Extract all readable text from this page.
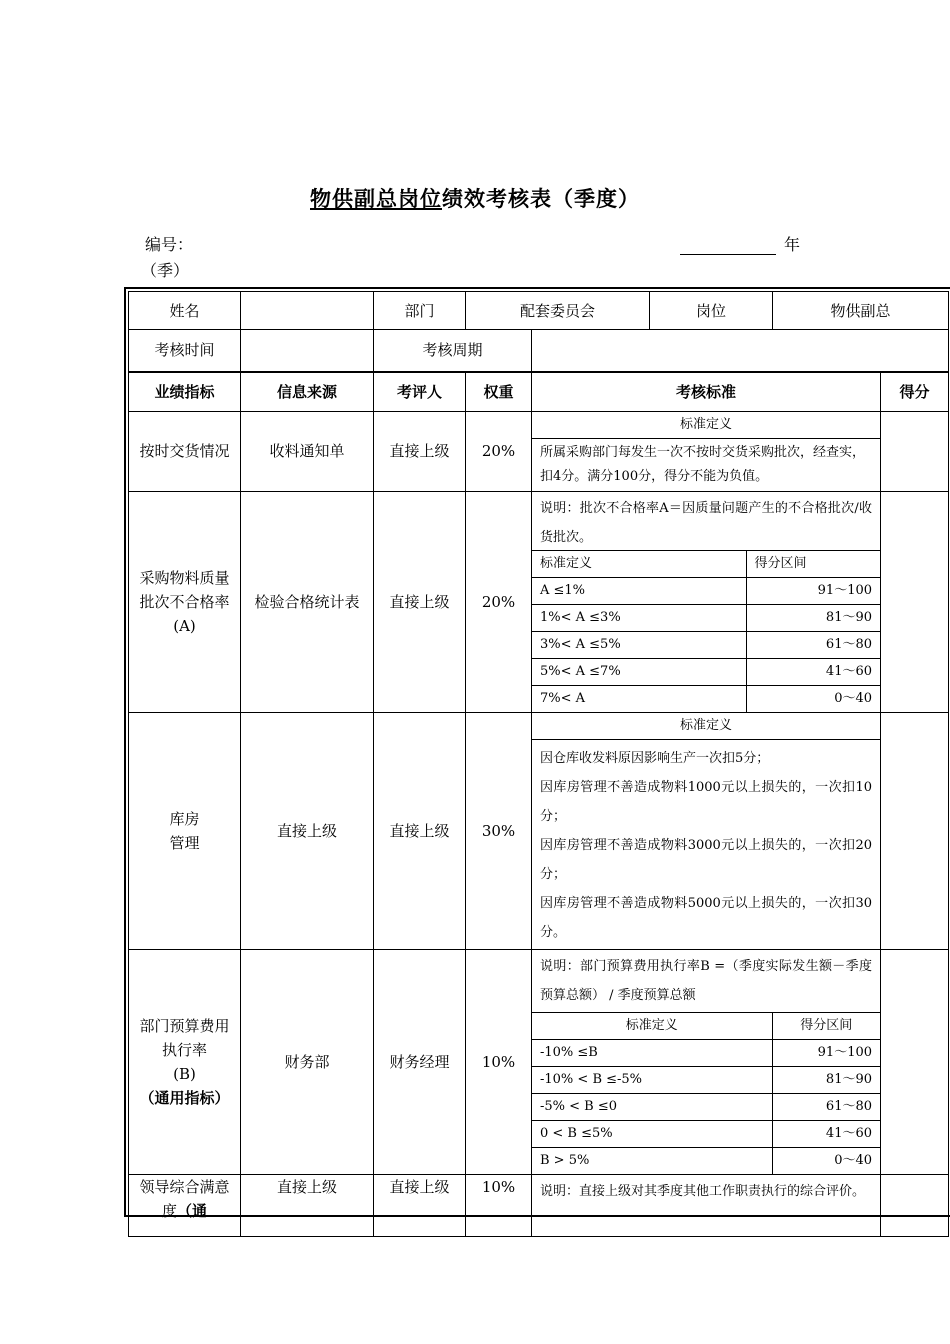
物供副总岗位绩效考核表（季度）
编号：	年
（季）
姓名		部门	配套委员会	岗位	物供副总
考核时间		考核周期	
业绩指标	信息来源	考评人	权重	考核标准	得分
按时交货情况	收料通知单	直接上级	20%	
标准定义
所属采购部门每发生一次不按时交货采购批次，经查实，扣4分。满分100分，得分不能为负值。

采购物料质量批次不合格率
(A)	检验合格统计表	直接上级	20%	
说明：批次不合格率A＝因质量问题产生的不合格批次/收货批次。
标准定义	得分区间
A ≤1%	91～100
1%< A ≤3%	81～90
3%< A ≤5%	61～80
5%< A ≤7%	41～60
7%< A	0～40

库房
管理	直接上级	直接上级	30%	
标准定义
因仓库收发料原因影响生产一次扣5分；
因库房管理不善造成物料1000元以上损失的，一次扣10分；
因库房管理不善造成物料3000元以上损失的，一次扣20分；
因库房管理不善造成物料5000元以上损失的，一次扣30分。

部门预算费用执行率
(B)
（通用指标）	财务部	财务经理	10%	
说明：部门预算费用执行率B =（季度实际发生额－季度预算总额） / 季度预算总额
标准定义	得分区间
-10% ≤B	91～100
-10% < B ≤-5%	81～90
-5% < B ≤0	61～80
0 < B ≤5%	41～60
B > 5%	0～40

领导综合满意度（通	直接上级	直接上级	10%	说明：直接上级对其季度其他工作职责执行的综合评价。
